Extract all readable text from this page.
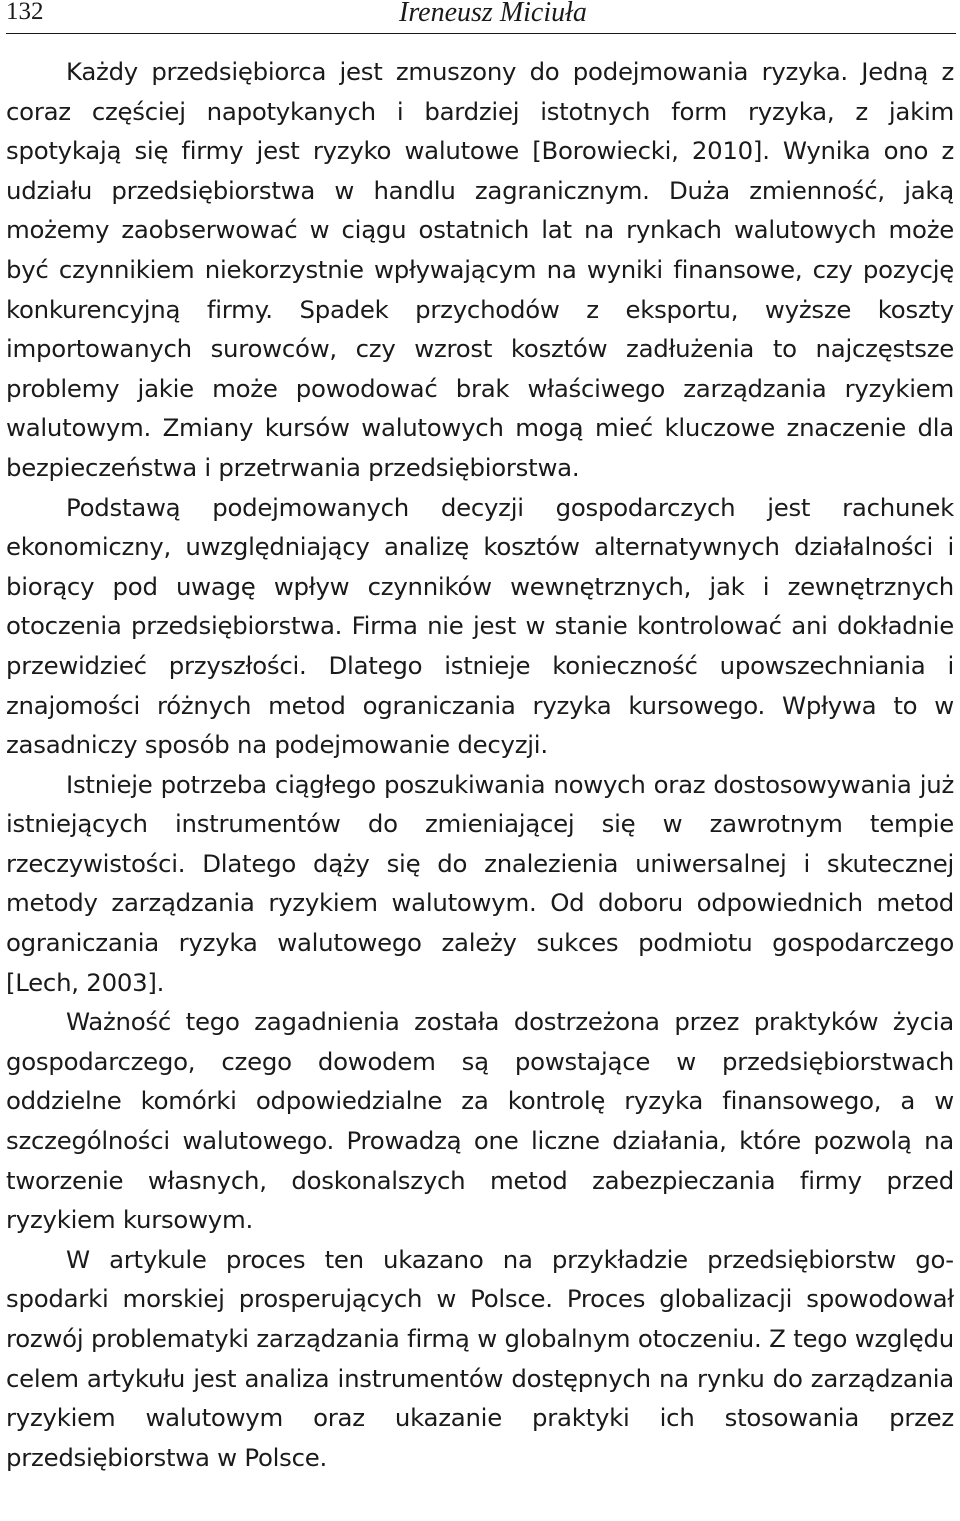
132	Ireneusz Miciuła

Każdy przedsiębiorca jest zmuszony do podejmowania ryzyka. Jedną z coraz częściej napotykanych i bardziej istotnych form ryzyka, z jakim spotykają się firmy jest ryzyko walutowe [Borowiecki, 2010]. Wynika ono z udziału przedsiębiorstwa w handlu zagranicznym. Duża zmienność, jaką możemy zaobserwować w ciągu ostatnich lat na rynkach walutowych może być czynnikiem niekorzystnie wpływającym na wyniki finansowe, czy pozycję konkurencyjną firmy. Spadek przychodów z eksportu, wyższe koszty importowanych surowców, czy wzrost kosztów zadłużenia to najczęstsze problemy jakie może powodować brak właściwego zarządzania ryzykiem walutowym. Zmiany kursów walutowych mogą mieć kluczowe znaczenie dla bezpieczeństwa i przetrwania przedsiębiorstwa.

Podstawą podejmowanych decyzji gospodarczych jest rachunek ekonomiczny, uwzględniający analizę kosztów alternatywnych działalności i biorący pod uwagę wpływ czynników wewnętrznych, jak i zewnętrznych otoczenia przedsiębiorstwa. Firma nie jest w stanie kontrolować ani dokładnie przewidzieć przyszłości. Dlatego istnieje konieczność upowszechniania i znajomości różnych metod ograniczania ryzyka kursowego. Wpływa to w zasadniczy sposób na podejmowanie decyzji.

Istnieje potrzeba ciągłego poszukiwania nowych oraz dostosowywania już istniejących instrumentów do zmieniającej się w zawrotnym tempie rzeczywistości. Dlatego dąży się do znalezienia uniwersalnej i skutecznej metody zarządzania ryzykiem walutowym. Od doboru odpowiednich metod ograniczania ryzyka walutowego zależy sukces podmiotu gospodarczego [Lech, 2003].

Ważność tego zagadnienia została dostrzeżona przez praktyków życia gospodarczego, czego dowodem są powstające w przedsiębiorstwach oddzielne komórki odpowiedzialne za kontrolę ryzyka finansowego, a w szczególności walutowego. Prowadzą one liczne działania, które pozwolą na tworzenie własnych, doskonalszych metod zabezpieczania firmy przed ryzykiem kursowym.

W artykule proces ten ukazano na przykładzie przedsiębiorstw gospodarki morskiej prosperujących w Polsce. Proces globalizacji spowodował rozwój problematyki zarządzania firmą w globalnym otoczeniu. Z tego względu celem artykułu jest analiza instrumentów dostępnych na rynku do zarządzania ryzykiem walutowym oraz ukazanie praktyki ich stosowania przez przedsiębiorstwa w Polsce.
